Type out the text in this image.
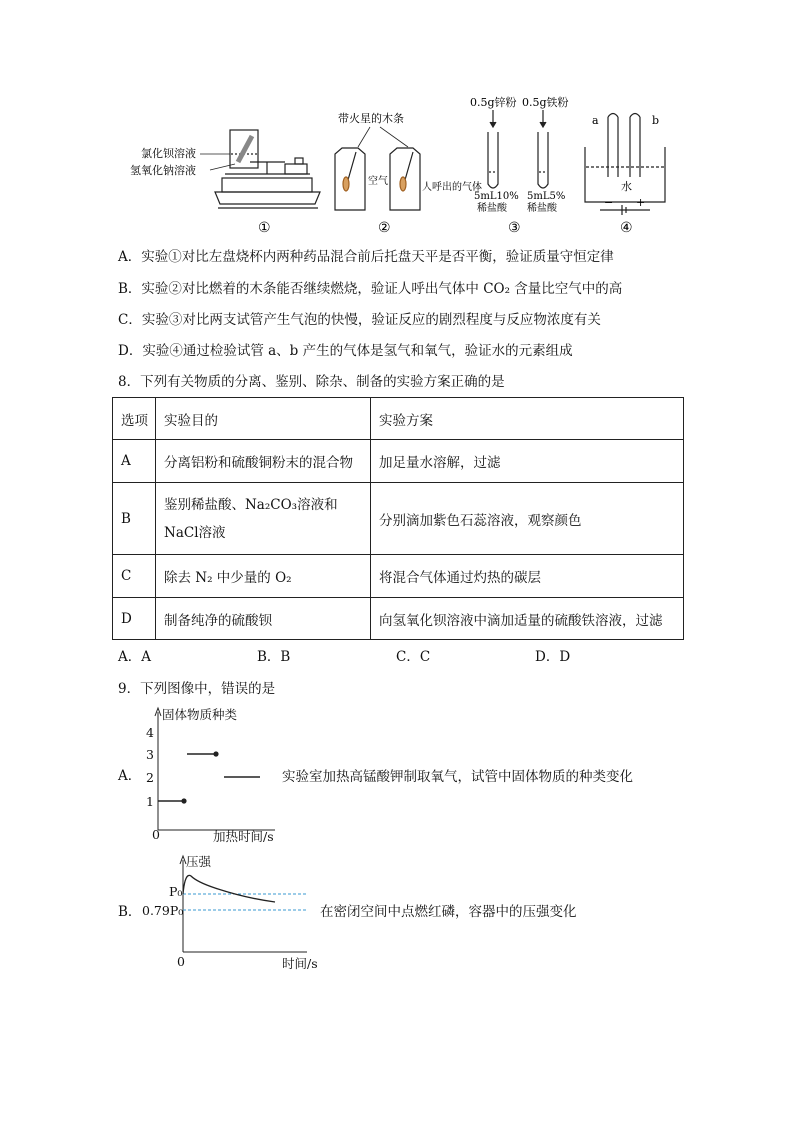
氯化钡溶液
氢氧化钠溶液
①
带火星的木条
空气
人呼出的气体
②
0.5g锌粉 0.5g铁粉
5mL10%
稀盐酸
5mL5%
稀盐酸
③
a	b
水
− +
④
A．实验①对比左盘烧杯内两种药品混合前后托盘天平是否平衡，验证质量守恒定律
B．实验②对比燃着的木条能否继续燃烧，验证人呼出气体中 CO₂ 含量比空气中的高
C．实验③对比两支试管产生气泡的快慢，验证反应的剧烈程度与反应物浓度有关
D．实验④通过检验试管 a、b 产生的气体是氢气和氧气，验证水的元素组成
8．下列有关物质的分离、鉴别、除杂、制备的实验方案正确的是
选项	实验目的	实验方案
A	分离铝粉和硫酸铜粉末的混合物	加足量水溶解，过滤
B	鉴别稀盐酸、Na₂CO₃溶液和NaCl溶液	分别滴加紫色石蕊溶液，观察颜色
C	除去 N₂ 中少量的 O₂	将混合气体通过灼热的碳层
D	制备纯净的硫酸钡	向氢氧化钡溶液中滴加适量的硫酸铁溶液，过滤
A．A	B．B	C．C	D．D
9．下列图像中，错误的是
A．
固体物质种类
4
3
2
1
0	加热时间/s
实验室加热高锰酸钾制取氧气，试管中固体物质的种类变化
B．
压强
P₀
0.79P₀
0	时间/s
在密闭空间中点燃红磷，容器中的压强变化
